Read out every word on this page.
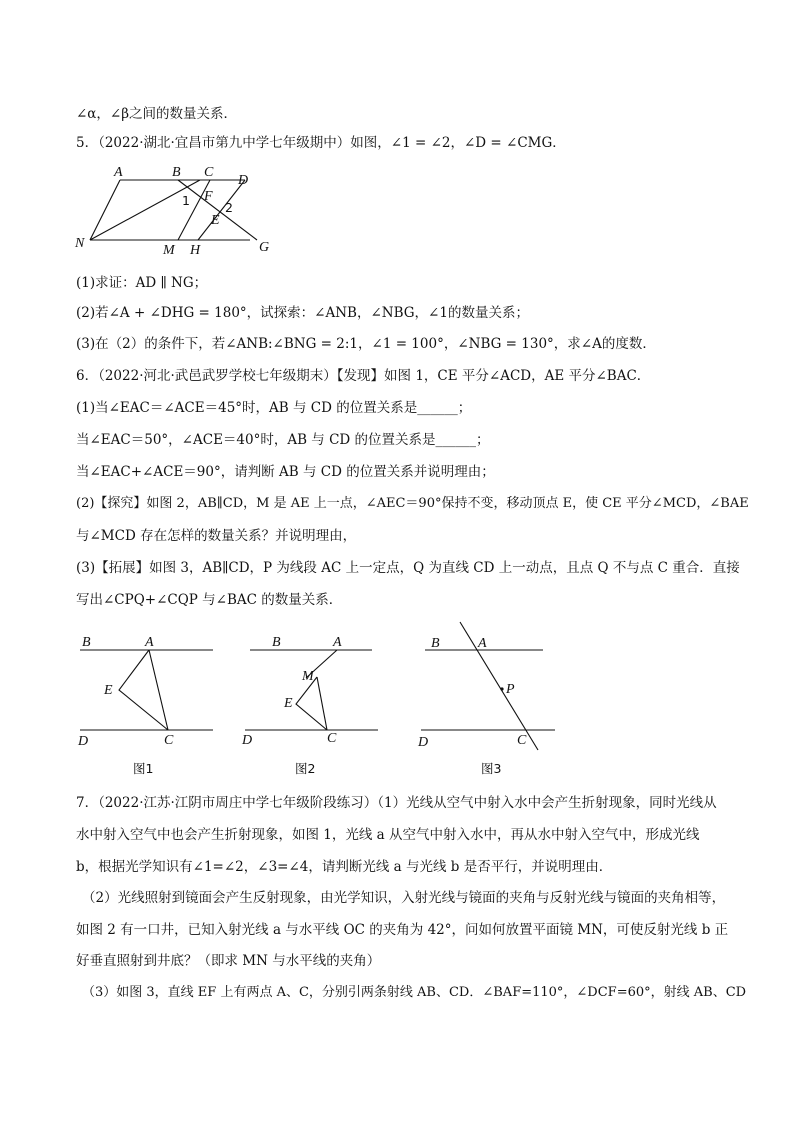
∠α，∠β之间的数量关系．
5．（2022·湖北·宜昌市第九中学七年级期中）如图，∠1 = ∠2，∠D = ∠CMG．
A	B C
D
F
E
1	2
N	M H	G
(1)求证：AD ∥ NG；
(2)若∠A + ∠DHG = 180°，试探索：∠ANB，∠NBG，∠1的数量关系；
(3)在（2）的条件下，若∠ANB:∠BNG = 2:1，∠1 = 100°，∠NBG = 130°，求∠A的度数．
6．（2022·河北·武邑武罗学校七年级期末）【发现】如图 1，CE 平分∠ACD，AE 平分∠BAC．
(1)当∠EAC＝∠ACE＝45°时，AB 与 CD 的位置关系是______；
当∠EAC＝50°，∠ACE＝40°时，AB 与 CD 的位置关系是______；
当∠EAC+∠ACE＝90°，请判断 AB 与 CD 的位置关系并说明理由；
(2)【探究】如图 2，AB∥CD，M 是 AE 上一点，∠AEC＝90°保持不变，移动顶点 E，使 CE 平分∠MCD，∠BAE
与∠MCD 存在怎样的数量关系？并说明理由，
(3)【拓展】如图 3，AB∥CD，P 为线段 AC 上一定点，Q 为直线 CD 上一动点，且点 Q 不与点 C 重合．直接
写出∠CPQ+∠CQP 与∠BAC 的数量关系．
B	A
E
D	C
图1
B	A
M
E
D	C
图2
B	A
P
D	C
图3
7．（2022·江苏·江阴市周庄中学七年级阶段练习）（1）光线从空气中射入水中会产生折射现象，同时光线从
水中射入空气中也会产生折射现象，如图 1，光线 a 从空气中射入水中，再从水中射入空气中，形成光线
b，根据光学知识有∠1=∠2，∠3=∠4，请判断光线 a 与光线 b 是否平行，并说明理由．
（2）光线照射到镜面会产生反射现象，由光学知识，入射光线与镜面的夹角与反射光线与镜面的夹角相等，
如图 2 有一口井，已知入射光线 a 与水平线 OC 的夹角为 42°，问如何放置平面镜 MN，可使反射光线 b 正
好垂直照射到井底？（即求 MN 与水平线的夹角）
（3）如图 3，直线 EF 上有两点 A、C，分别引两条射线 AB、CD．∠BAF=110°，∠DCF=60°，射线 AB、CD
